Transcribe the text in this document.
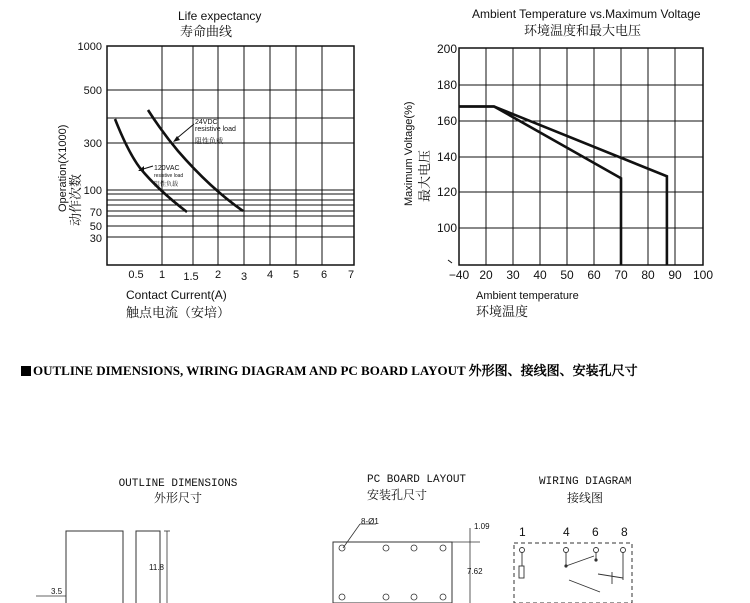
Life expectancy
寿命曲线
1000
500
300
100
70
50
30
0.5 1 1.5 2 3 4 5 6 7
24VDC
resistive load
阻性负载
120VAC
resistive load
阻性负载
Operation(X1000) 动作次数
Contact Current(A)
触点电流（安培）
Ambient Temperature vs.Maximum Voltage
环境温度和最大电压
200
180
160
140
120
100
−40 20 30 40 50 60 70 80 90 100
Maximum Voltage(%) 最大电压
Ambient temperature
环境温度
OUTLINE DIMENSIONS
外形尺寸
11.8
3.5
PC BOARD LAYOUT
安装孔尺寸
8-Ø1
1.09
7.62
WIRING DIAGRAM
接线图
1	4 6 8
OUTLINE DIMENSIONS, WIRING DIAGRAM AND PC BOARD LAYOUT 外形图、接线图、安装孔尺寸
